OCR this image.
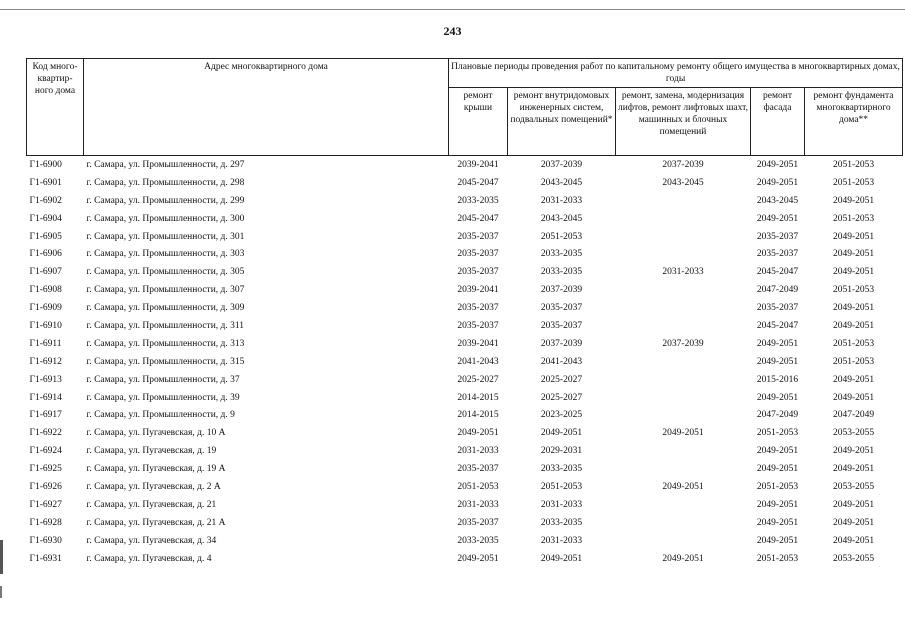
243
Код много-квартир-ного дома	Адрес многоквартирного дома	Плановые периоды проведения работ по капитальному ремонту общего имущества в многоквартирных домах, годы				
		ремонт крыши	ремонт внутридомовых инженерных систем, подвальных помещений*	ремонт, замена, модернизация лифтов, ремонт лифтовых шахт, машинных и блочных помещений	ремонт фасада	ремонт фундамента многоквартирного дома**
Г1-6900	г. Самара, ул. Промышленности, д. 297	2039-2041	2037-2039	2037-2039	2049-2051	2051-2053
Г1-6901	г. Самара, ул. Промышленности, д. 298	2045-2047	2043-2045	2043-2045	2049-2051	2051-2053
Г1-6902	г. Самара, ул. Промышленности, д. 299	2033-2035	2031-2033		2043-2045	2049-2051
Г1-6904	г. Самара, ул. Промышленности, д. 300	2045-2047	2043-2045		2049-2051	2051-2053
Г1-6905	г. Самара, ул. Промышленности, д. 301	2035-2037	2051-2053		2035-2037	2049-2051
Г1-6906	г. Самара, ул. Промышленности, д. 303	2035-2037	2033-2035		2035-2037	2049-2051
Г1-6907	г. Самара, ул. Промышленности, д. 305	2035-2037	2033-2035	2031-2033	2045-2047	2049-2051
Г1-6908	г. Самара, ул. Промышленности, д. 307	2039-2041	2037-2039		2047-2049	2051-2053
Г1-6909	г. Самара, ул. Промышленности, д. 309	2035-2037	2035-2037		2035-2037	2049-2051
Г1-6910	г. Самара, ул. Промышленности, д. 311	2035-2037	2035-2037		2045-2047	2049-2051
Г1-6911	г. Самара, ул. Промышленности, д. 313	2039-2041	2037-2039	2037-2039	2049-2051	2051-2053
Г1-6912	г. Самара, ул. Промышленности, д. 315	2041-2043	2041-2043		2049-2051	2051-2053
Г1-6913	г. Самара, ул. Промышленности, д. 37	2025-2027	2025-2027		2015-2016	2049-2051
Г1-6914	г. Самара, ул. Промышленности, д. 39	2014-2015	2025-2027		2049-2051	2049-2051
Г1-6917	г. Самара, ул. Промышленности, д. 9	2014-2015	2023-2025		2047-2049	2047-2049
Г1-6922	г. Самара, ул. Пугачевская, д. 10 А	2049-2051	2049-2051	2049-2051	2051-2053	2053-2055
Г1-6924	г. Самара, ул. Пугачевская, д. 19	2031-2033	2029-2031		2049-2051	2049-2051
Г1-6925	г. Самара, ул. Пугачевская, д. 19 А	2035-2037	2033-2035		2049-2051	2049-2051
Г1-6926	г. Самара, ул. Пугачевская, д. 2 А	2051-2053	2051-2053	2049-2051	2051-2053	2053-2055
Г1-6927	г. Самара, ул. Пугачевская, д. 21	2031-2033	2031-2033		2049-2051	2049-2051
Г1-6928	г. Самара, ул. Пугачевская, д. 21 А	2035-2037	2033-2035		2049-2051	2049-2051
Г1-6930	г. Самара, ул. Пугачевская, д. 34	2033-2035	2031-2033		2049-2051	2049-2051
Г1-6931	г. Самара, ул. Пугачевская, д. 4	2049-2051	2049-2051	2049-2051	2051-2053	2053-2055
